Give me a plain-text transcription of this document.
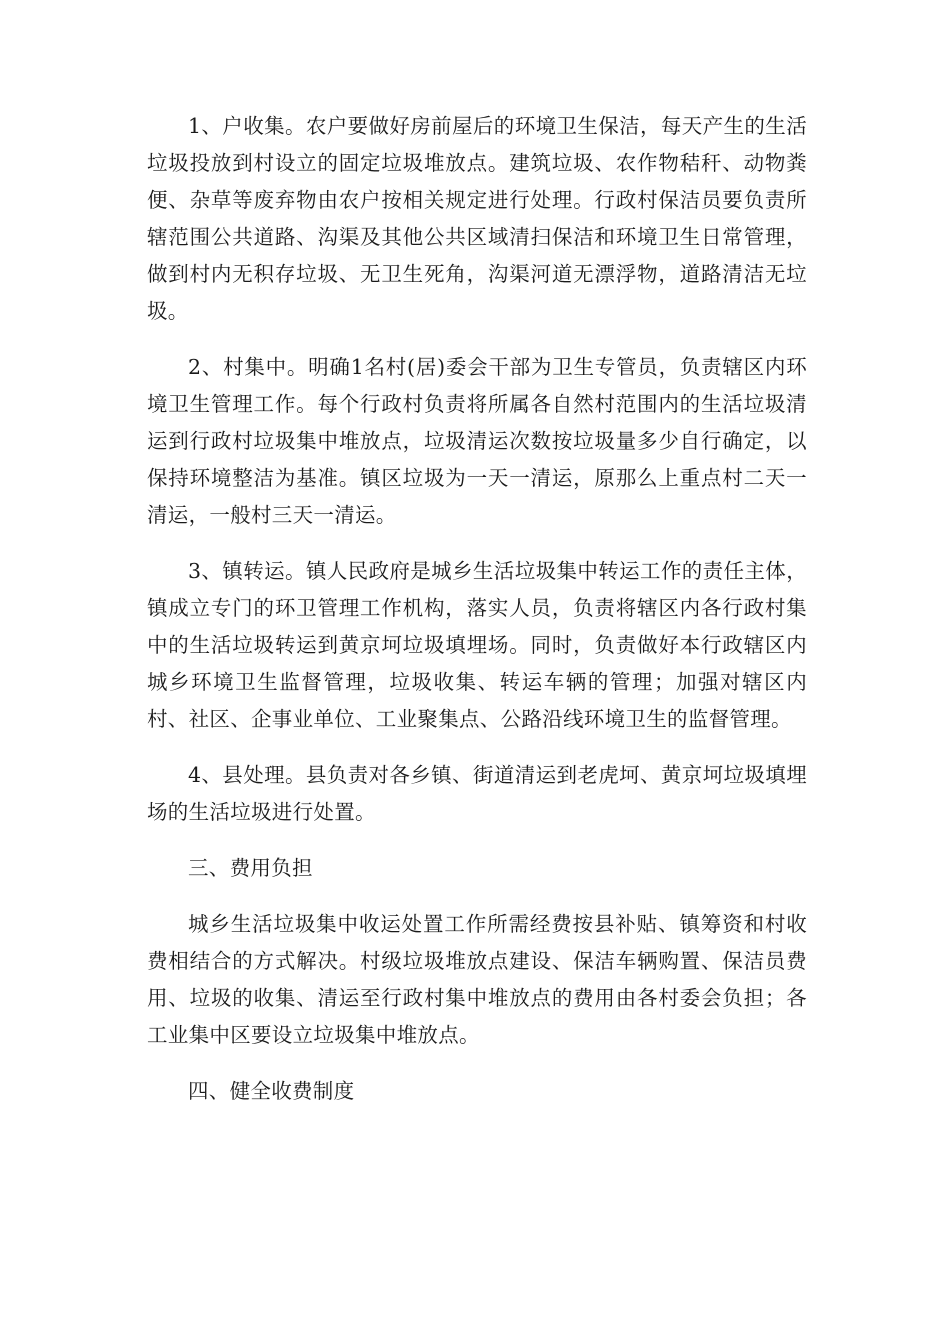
1、户收集。农户要做好房前屋后的环境卫生保洁，每天产生的生活垃圾投放到村设立的固定垃圾堆放点。建筑垃圾、农作物秸秆、动物粪便、杂草等废弃物由农户按相关规定进行处理。行政村保洁员要负责所辖范围公共道路、沟渠及其他公共区域清扫保洁和环境卫生日常管理，做到村内无积存垃圾、无卫生死角，沟渠河道无漂浮物，道路清洁无垃圾。

2、村集中。明确1名村(居)委会干部为卫生专管员，负责辖区内环境卫生管理工作。每个行政村负责将所属各自然村范围内的生活垃圾清运到行政村垃圾集中堆放点，垃圾清运次数按垃圾量多少自行确定，以保持环境整洁为基准。镇区垃圾为一天一清运，原那么上重点村二天一清运，一般村三天一清运。

3、镇转运。镇人民政府是城乡生活垃圾集中转运工作的责任主体，镇成立专门的环卫管理工作机构，落实人员，负责将辖区内各行政村集中的生活垃圾转运到黄京坷垃圾填埋场。同时，负责做好本行政辖区内城乡环境卫生监督管理，垃圾收集、转运车辆的管理；加强对辖区内村、社区、企事业单位、工业聚集点、公路沿线环境卫生的监督管理。

4、县处理。县负责对各乡镇、街道清运到老虎坷、黄京坷垃圾填埋场的生活垃圾进行处置。

三、费用负担

城乡生活垃圾集中收运处置工作所需经费按县补贴、镇筹资和村收费相结合的方式解决。村级垃圾堆放点建设、保洁车辆购置、保洁员费用、垃圾的收集、清运至行政村集中堆放点的费用由各村委会负担；各工业集中区要设立垃圾集中堆放点。

四、健全收费制度
